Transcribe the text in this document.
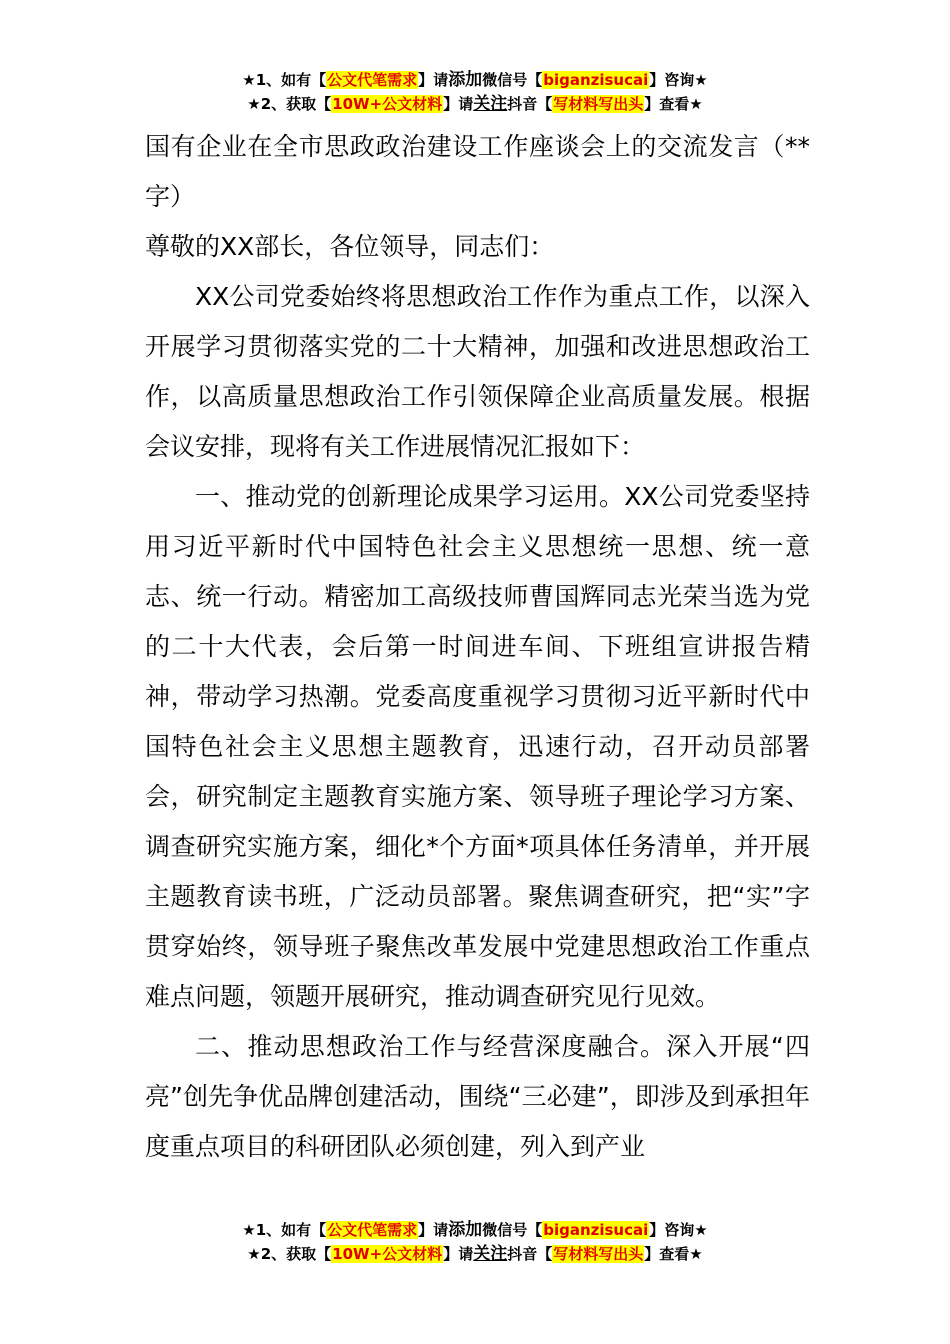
★1、如有【公文代笔需求】请添加微信号【biganzisucai】咨询★
★2、获取【10W+公文材料】请关注抖音【写材料写出头】查看★

国有企业在全市思政政治建设工作座谈会上的交流发言（**字）

尊敬的XX部长，各位领导，同志们：

XX公司党委始终将思想政治工作作为重点工作，以深入开展学习贯彻落实党的二十大精神，加强和改进思想政治工作，以高质量思想政治工作引领保障企业高质量发展。根据会议安排，现将有关工作进展情况汇报如下：

一、推动党的创新理论成果学习运用。XX公司党委坚持用习近平新时代中国特色社会主义思想统一思想、统一意志、统一行动。精密加工高级技师曹国辉同志光荣当选为党的二十大代表，会后第一时间进车间、下班组宣讲报告精神，带动学习热潮。党委高度重视学习贯彻习近平新时代中国特色社会主义思想主题教育，迅速行动，召开动员部署会，研究制定主题教育实施方案、领导班子理论学习方案、调查研究实施方案，细化*个方面*项具体任务清单，并开展主题教育读书班，广泛动员部署。聚焦调查研究，把“实”字贯穿始终，领导班子聚焦改革发展中党建思想政治工作重点难点问题，领题开展研究，推动调查研究见行见效。

二、推动思想政治工作与经营深度融合。深入开展“四亮”创先争优品牌创建活动，围绕“三必建”，即涉及到承担年度重点项目的科研团队必须创建，列入到产业

★1、如有【公文代笔需求】请添加微信号【biganzisucai】咨询★
★2、获取【10W+公文材料】请关注抖音【写材料写出头】查看★
